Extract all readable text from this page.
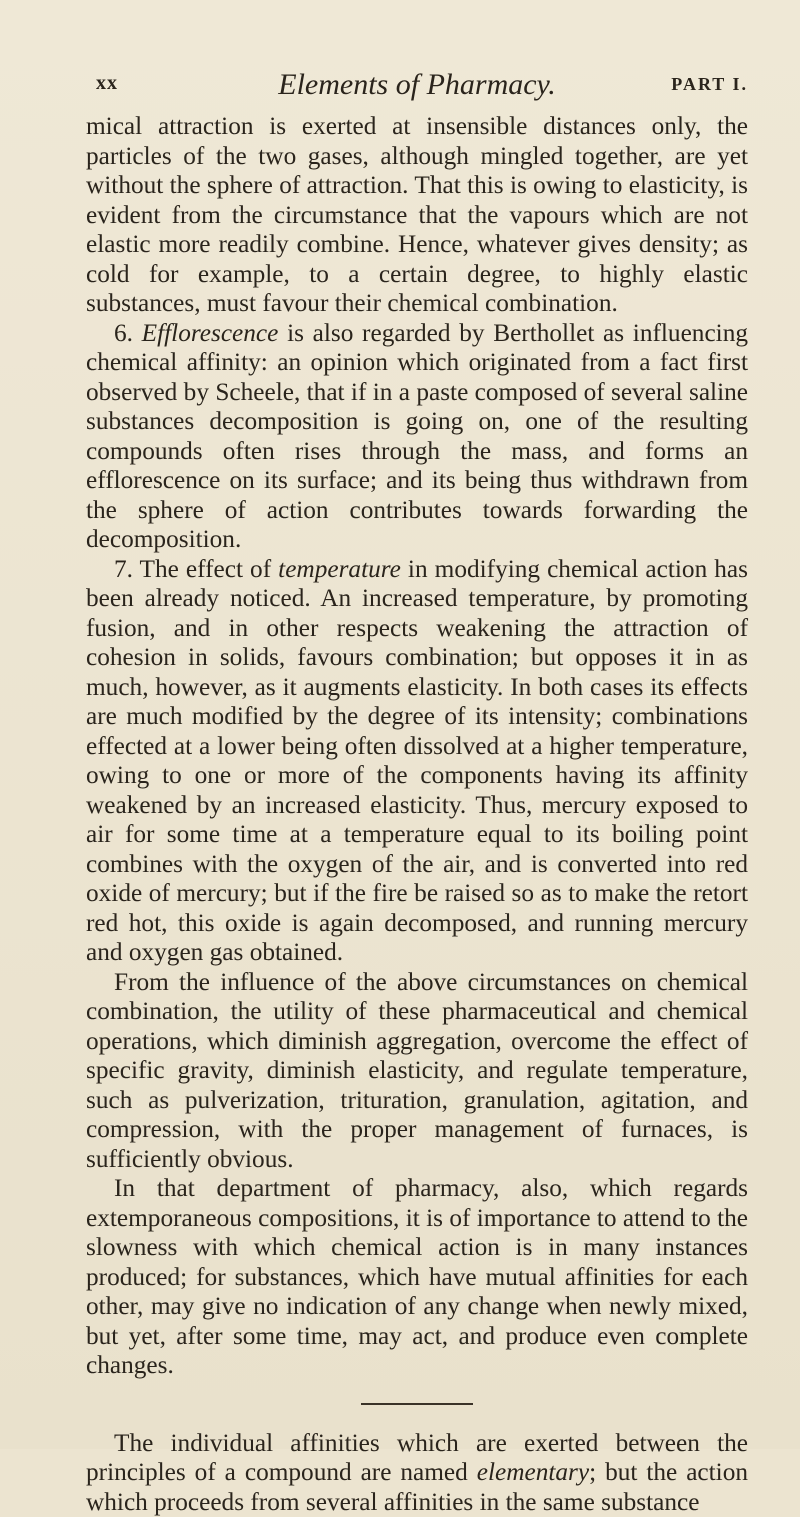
xx	Elements of Pharmacy.	PART I.

mical attraction is exerted at insensible distances only, the particles of the two gases, although mingled together, are yet without the sphere of attraction. That this is owing to elasticity, is evident from the circumstance that the vapours which are not elastic more readily combine. Hence, whatever gives density; as cold for example, to a certain degree, to highly elastic substances, must favour their chemical combination.

6. Efflorescence is also regarded by Berthollet as influencing chemical affinity: an opinion which originated from a fact first observed by Scheele, that if in a paste composed of several saline substances decomposition is going on, one of the resulting compounds often rises through the mass, and forms an efflorescence on its surface; and its being thus withdrawn from the sphere of action contributes towards forwarding the decomposition.

7. The effect of temperature in modifying chemical action has been already noticed. An increased temperature, by promoting fusion, and in other respects weakening the attraction of cohesion in solids, favours combination; but opposes it in as much, however, as it augments elasticity. In both cases its effects are much modified by the degree of its intensity; combinations effected at a lower being often dissolved at a higher temperature, owing to one or more of the components having its affinity weakened by an increased elasticity. Thus, mercury exposed to air for some time at a temperature equal to its boiling point combines with the oxygen of the air, and is converted into red oxide of mercury; but if the fire be raised so as to make the retort red hot, this oxide is again decomposed, and running mercury and oxygen gas obtained.

From the influence of the above circumstances on chemical combination, the utility of these pharmaceutical and chemical operations, which diminish aggregation, overcome the effect of specific gravity, diminish elasticity, and regulate temperature, such as pulverization, trituration, granulation, agitation, and compression, with the proper management of furnaces, is sufficiently obvious.

In that department of pharmacy, also, which regards extemporaneous compositions, it is of importance to attend to the slowness with which chemical action is in many instances produced; for substances, which have mutual affinities for each other, may give no indication of any change when newly mixed, but yet, after some time, may act, and produce even complete changes.

The individual affinities which are exerted between the principles of a compound are named elementary; but the action which proceeds from several affinities in the same substance
